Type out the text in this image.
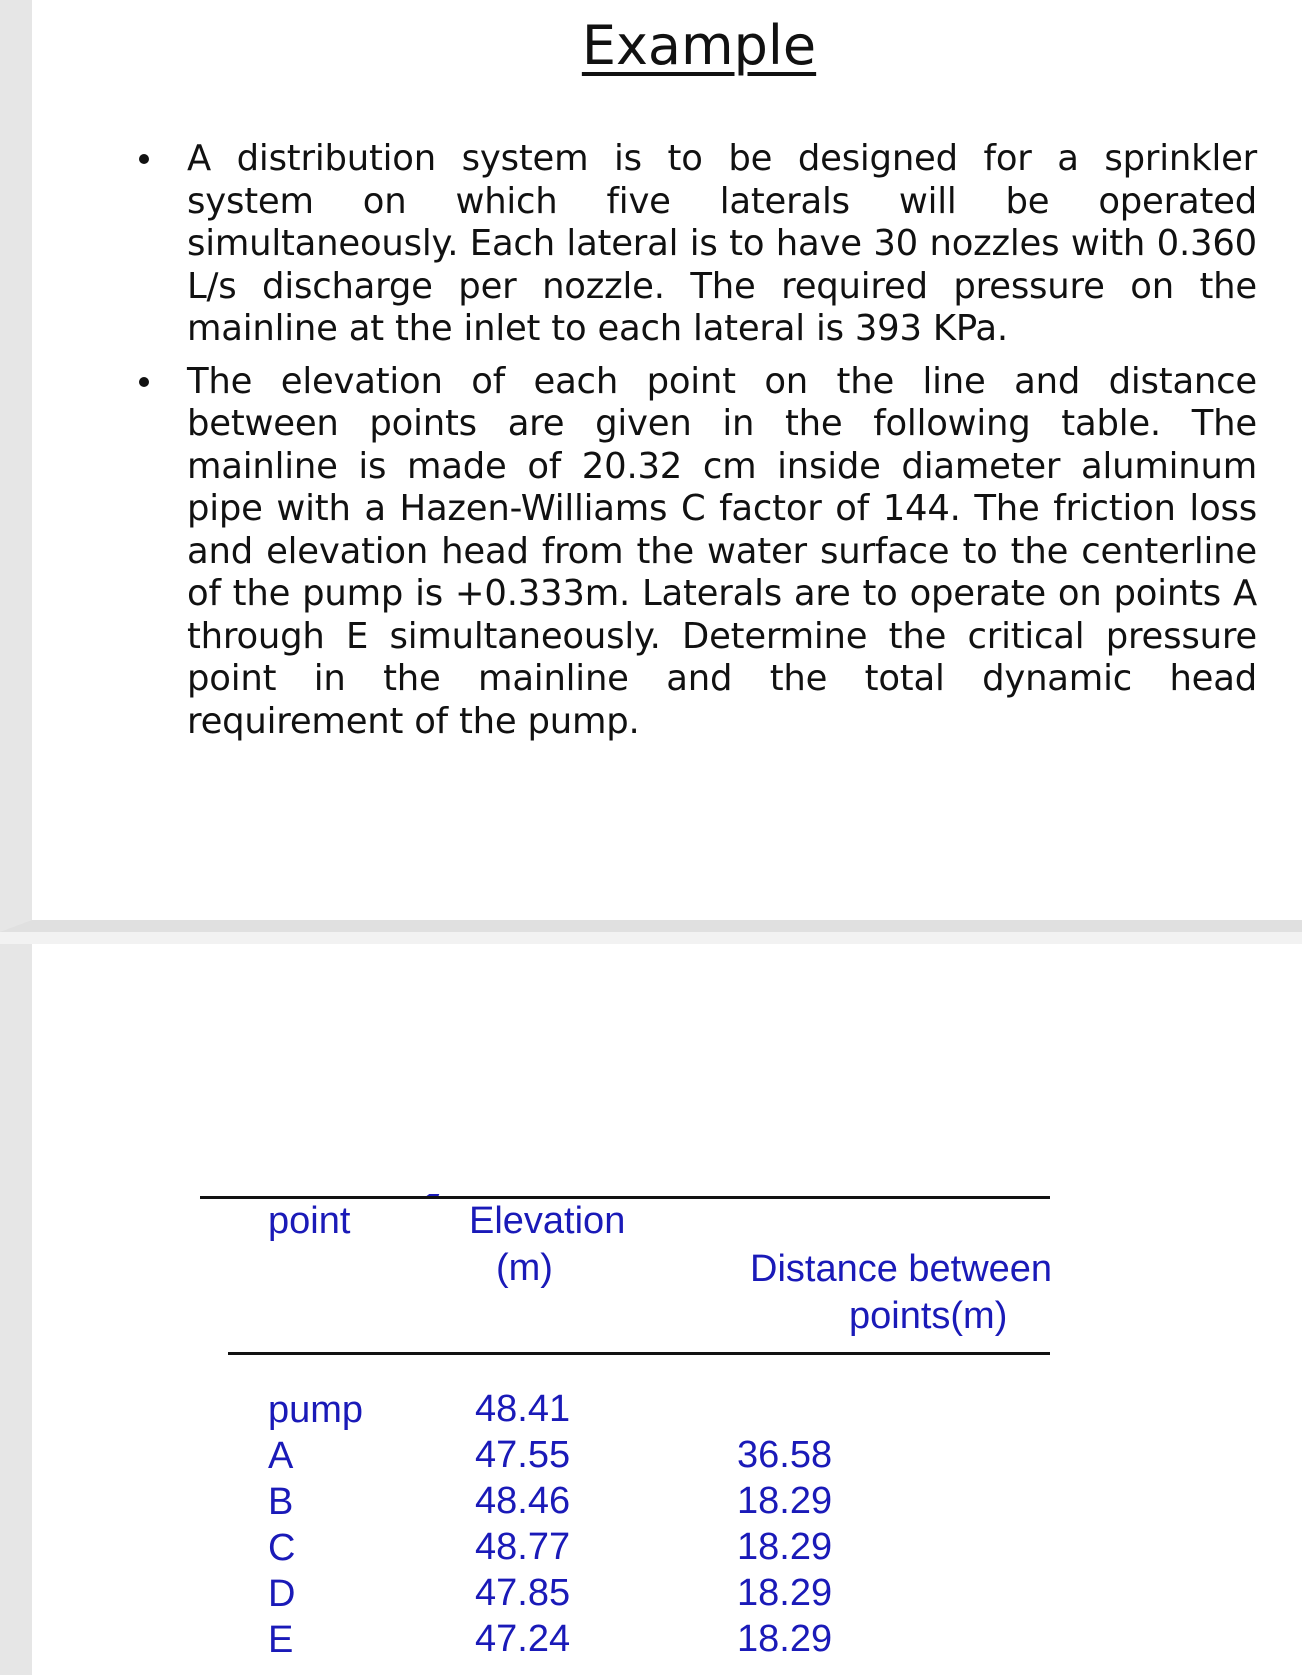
Example
A distribution system is to be designed for a sprinkler system on which five laterals will be operated simultaneously. Each lateral is to have 30 nozzles with 0.360 L/s discharge per nozzle. The required pressure on the mainline at the inlet to each lateral is 393 KPa.
The elevation of each point on the line and distance between points are given in the following table. The mainline is made of 20.32 cm inside diameter aluminum pipe with a Hazen-Williams C factor of 144. The friction loss and elevation head from the water surface to the centerline of the pump is +0.333m. Laterals are to operate on points A through E simultaneously. Determine the critical pressure point in the mainline and the total dynamic head requirement of the pump.
point	Elevation
(m)	Distance between
points(m)
pump
A
B
C
D
E
48.41
47.55
48.46
48.77
47.85
47.24
36.58
18.29
18.29
18.29
18.29
